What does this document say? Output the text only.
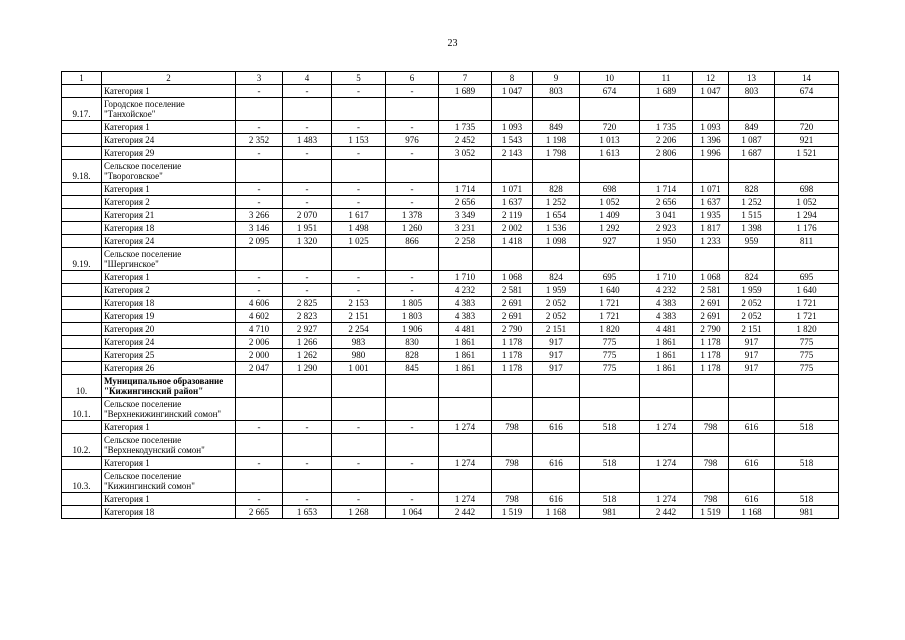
23
1	2	3	4	5	6	7	8	9	10	11	12	13	14
	Категория 1	-	-	-	-	1 689	1 047	803	674	1 689	1 047	803	674
9.17.	Городское поселение "Танхойское"												
	Категория 1	-	-	-	-	1 735	1 093	849	720	1 735	1 093	849	720
	Категория 24	2 352	1 483	1 153	976	2 452	1 543	1 198	1 013	2 206	1 396	1 087	921
	Категория 29	-	-	-	-	3 052	2 143	1 798	1 613	2 806	1 996	1 687	1 521
9.18.	Сельское поселение "Твороговское"												
	Категория 1	-	-	-	-	1 714	1 071	828	698	1 714	1 071	828	698
	Категория 2	-	-	-	-	2 656	1 637	1 252	1 052	2 656	1 637	1 252	1 052
	Категория 21	3 266	2 070	1 617	1 378	3 349	2 119	1 654	1 409	3 041	1 935	1 515	1 294
	Категория 18	3 146	1 951	1 498	1 260	3 231	2 002	1 536	1 292	2 923	1 817	1 398	1 176
	Категория 24	2 095	1 320	1 025	866	2 258	1 418	1 098	927	1 950	1 233	959	811
9.19.	Сельское поселение "Шергинское"												
	Категория 1	-	-	-	-	1 710	1 068	824	695	1 710	1 068	824	695
	Категория 2	-	-	-	-	4 232	2 581	1 959	1 640	4 232	2 581	1 959	1 640
	Категория 18	4 606	2 825	2 153	1 805	4 383	2 691	2 052	1 721	4 383	2 691	2 052	1 721
	Категория 19	4 602	2 823	2 151	1 803	4 383	2 691	2 052	1 721	4 383	2 691	2 052	1 721
	Категория 20	4 710	2 927	2 254	1 906	4 481	2 790	2 151	1 820	4 481	2 790	2 151	1 820
	Категория 24	2 006	1 266	983	830	1 861	1 178	917	775	1 861	1 178	917	775
	Категория 25	2 000	1 262	980	828	1 861	1 178	917	775	1 861	1 178	917	775
	Категория 26	2 047	1 290	1 001	845	1 861	1 178	917	775	1 861	1 178	917	775
10.	Муниципальное образование "Кижингинский район"												
10.1.	Сельское поселение "Верхнекижингинский сомон"												
	Категория 1	-	-	-	-	1 274	798	616	518	1 274	798	616	518
10.2.	Сельское поселение "Верхнекодунский сомон"												
	Категория 1	-	-	-	-	1 274	798	616	518	1 274	798	616	518
10.3.	Сельское поселение "Кижингинский сомон"												
	Категория 1	-	-	-	-	1 274	798	616	518	1 274	798	616	518
	Категория 18	2 665	1 653	1 268	1 064	2 442	1 519	1 168	981	2 442	1 519	1 168	981
